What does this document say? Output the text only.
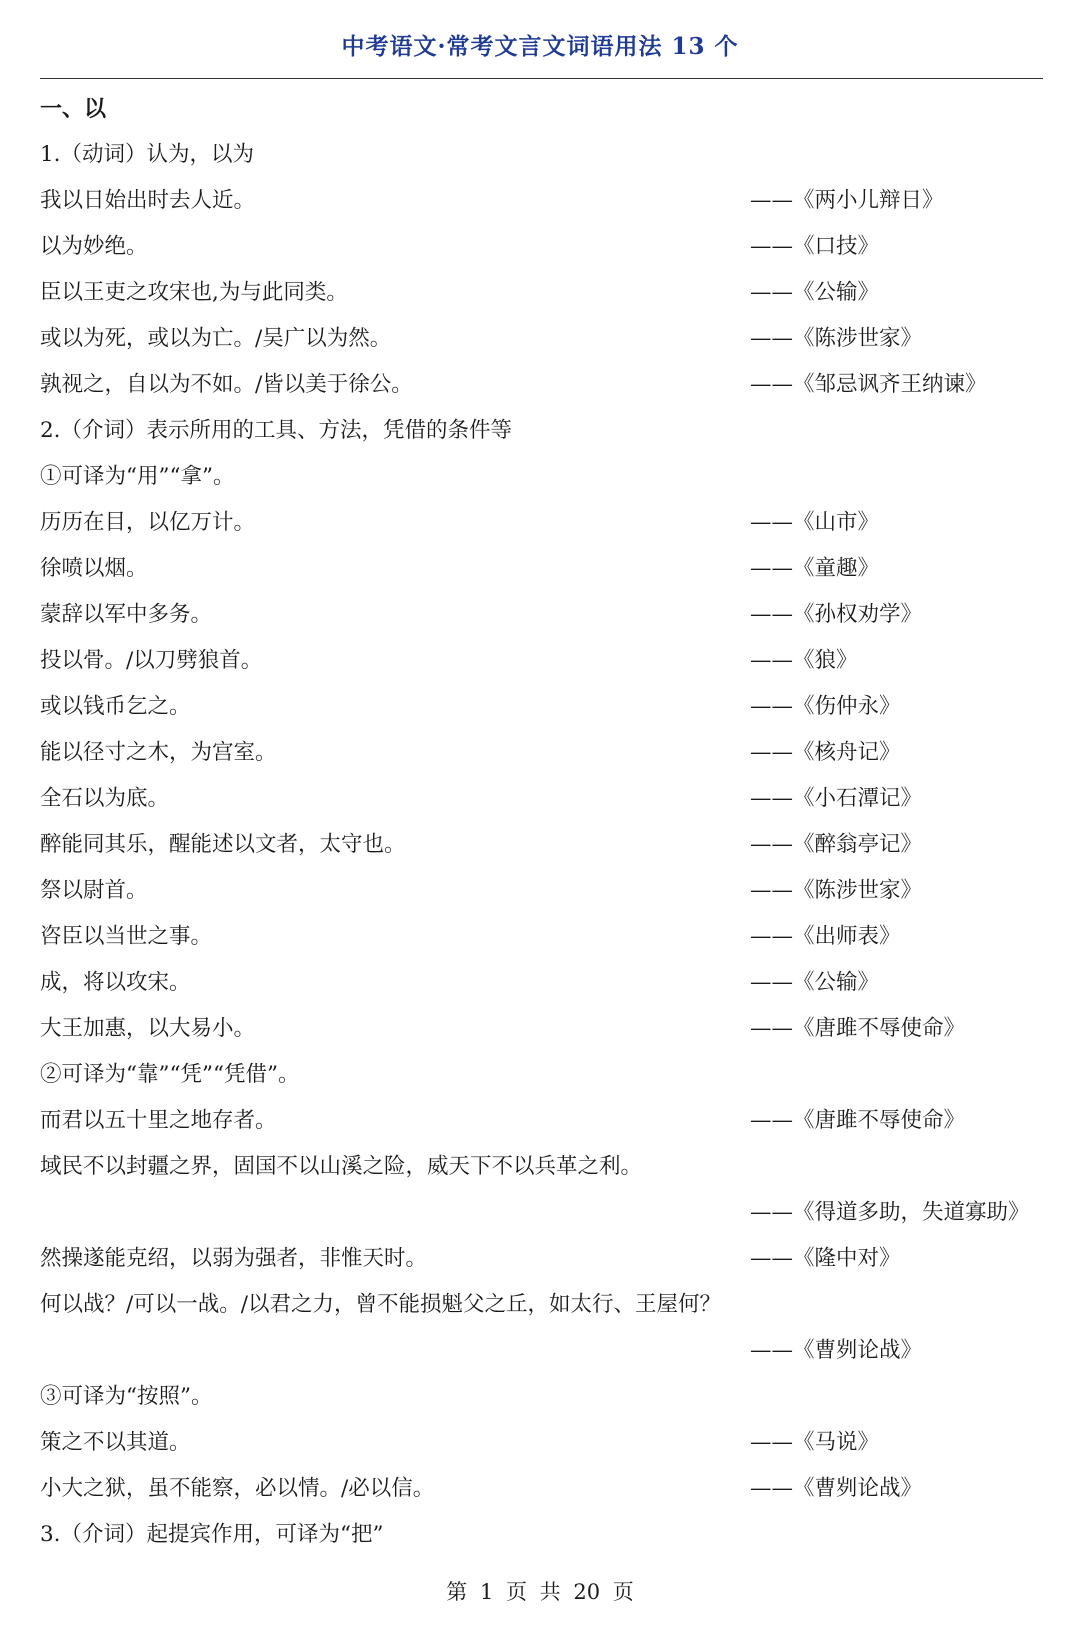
中考语文·常考文言文词语用法 13 个
一、以
1.（动词）认为，以为
我以日始出时去人近。	——《两小儿辩日》
以为妙绝。	——《口技》
臣以王吏之攻宋也,为与此同类。	——《公输》
或以为死，或以为亡。/吴广以为然。	——《陈涉世家》
孰视之，自以为不如。/皆以美于徐公。	——《邹忌讽齐王纳谏》
2.（介词）表示所用的工具、方法，凭借的条件等
①可译为“用”“拿”。
历历在目，以亿万计。	——《山市》
徐喷以烟。	——《童趣》
蒙辞以军中多务。	——《孙权劝学》
投以骨。/以刀劈狼首。	——《狼》
或以钱币乞之。	——《伤仲永》
能以径寸之木，为宫室。	——《核舟记》
全石以为底。	——《小石潭记》
醉能同其乐，醒能述以文者，太守也。	——《醉翁亭记》
祭以尉首。	——《陈涉世家》
咨臣以当世之事。	——《出师表》
成，将以攻宋。	——《公输》
大王加惠，以大易小。	——《唐雎不辱使命》
②可译为“靠”“凭”“凭借”。
而君以五十里之地存者。	——《唐雎不辱使命》
域民不以封疆之界，固国不以山溪之险，威天下不以兵革之利。
——《得道多助，失道寡助》
然操遂能克绍，以弱为强者，非惟天时。	——《隆中对》
何以战？/可以一战。/以君之力，曾不能损魁父之丘，如太行、王屋何？
——《曹刿论战》
③可译为“按照”。
策之不以其道。	——《马说》
小大之狱，虽不能察，必以情。/必以信。	——《曹刿论战》
3.（介词）起提宾作用，可译为“把”
第 1 页 共 20 页
